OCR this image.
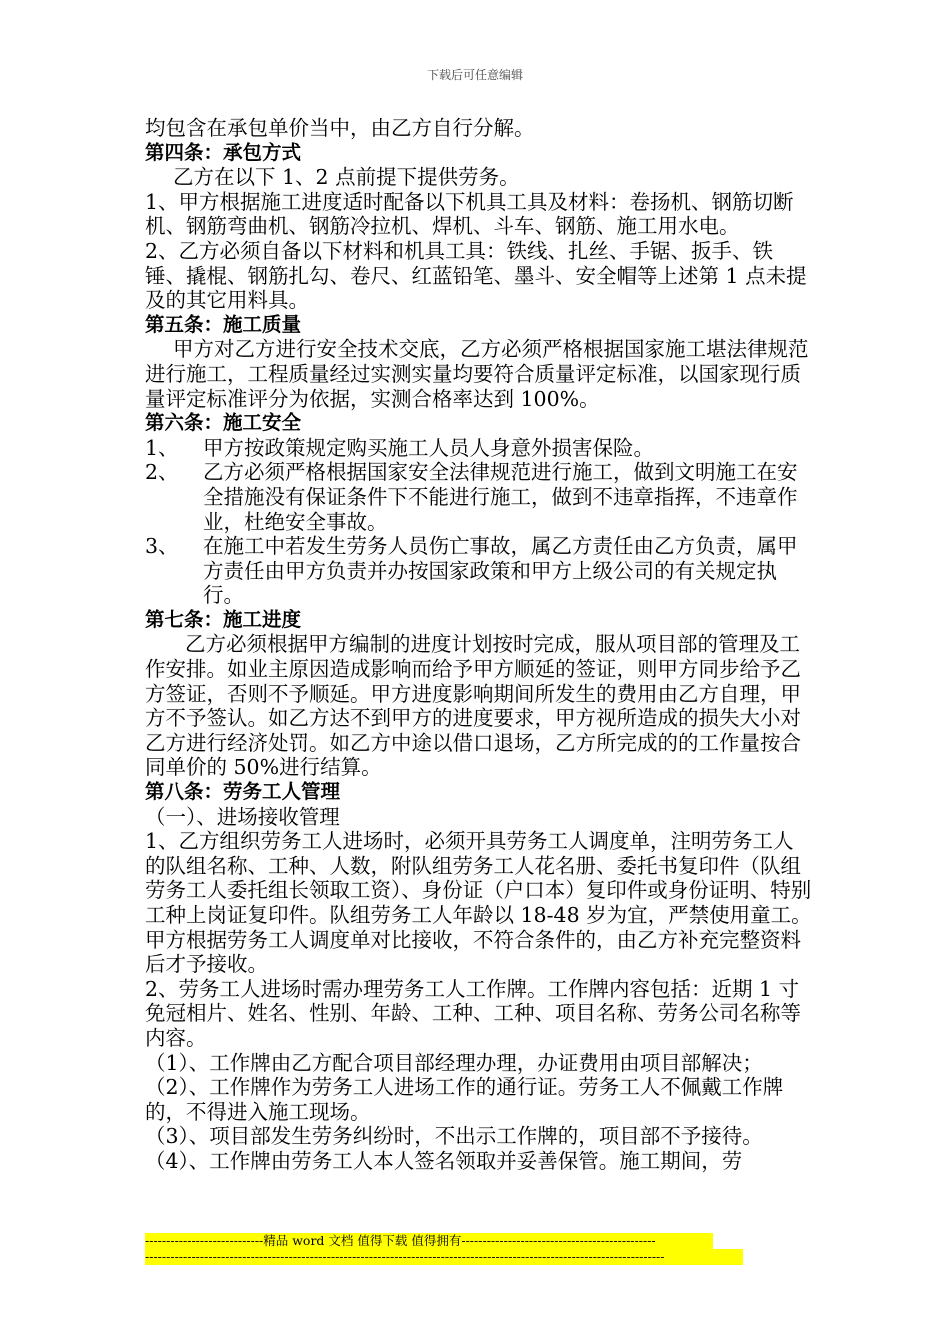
下载后可任意编辑

均包含在承包单价当中，由乙方自行分解。

第四条：承包方式

乙方在以下 1、2 点前提下提供劳务。

1、甲方根据施工进度适时配备以下机具工具及材料：卷扬机、钢筋切断机、钢筋弯曲机、钢筋冷拉机、焊机、斗车、钢筋、施工用水电。

2、乙方必须自备以下材料和机具工具：铁线、扎丝、手锯、扳手、铁锤、撬棍、钢筋扎勾、卷尺、红蓝铅笔、墨斗、安全帽等上述第 1 点未提及的其它用料具。

第五条：施工质量

甲方对乙方进行安全技术交底，乙方必须严格根据国家施工堪法律规范进行施工，工程质量经过实测实量均要符合质量评定标准，以国家现行质量评定标准评分为依据，实测合格率达到 100%。

第六条：施工安全

1、	甲方按政策规定购买施工人员人身意外损害保险。
2、	乙方必须严格根据国家安全法律规范进行施工，做到文明施工在安全措施没有保证条件下不能进行施工，做到不违章指挥，不违章作业，杜绝安全事故。
3、	在施工中若发生劳务人员伤亡事故，属乙方责任由乙方负责，属甲方责任由甲方负责并办按国家政策和甲方上级公司的有关规定执行。

第七条：施工进度

乙方必须根据甲方编制的进度计划按时完成，服从项目部的管理及工作安排。如业主原因造成影响而给予甲方顺延的签证，则甲方同步给予乙方签证，否则不予顺延。甲方进度影响期间所发生的费用由乙方自理，甲方不予签认。如乙方达不到甲方的进度要求，甲方视所造成的损失大小对乙方进行经济处罚。如乙方中途以借口退场，乙方所完成的的工作量按合同单价的 50%进行结算。

第八条：劳务工人管理

（一）、进场接收管理

1、乙方组织劳务工人进场时，必须开具劳务工人调度单，注明劳务工人的队组名称、工种、人数，附队组劳务工人花名册、委托书复印件（队组劳务工人委托组长领取工资）、身份证（户口本）复印件或身份证明、特别工种上岗证复印件。队组劳务工人年龄以 18-48 岁为宜，严禁使用童工。甲方根据劳务工人调度单对比接收，不符合条件的，由乙方补充完整资料后才予接收。

2、劳务工人进场时需办理劳务工人工作牌。工作牌内容包括：近期 1 寸免冠相片、姓名、性别、年龄、工种、工种、项目名称、劳务公司名称等内容。

（1）、工作牌由乙方配合项目部经理办理，办证费用由项目部解决；

（2）、工作牌作为劳务工人进场工作的通行证。劳务工人不佩戴工作牌的，不得进入施工现场。

（3）、项目部发生劳务纠纷时，不出示工作牌的，项目部不予接待。

（4）、工作牌由劳务工人本人签名领取并妥善保管。施工期间，劳

----------------------------精品 word 文档 值得下载 值得拥有----------------------------------------------
---------------------------------------------------------------------------------------------------------------------------
